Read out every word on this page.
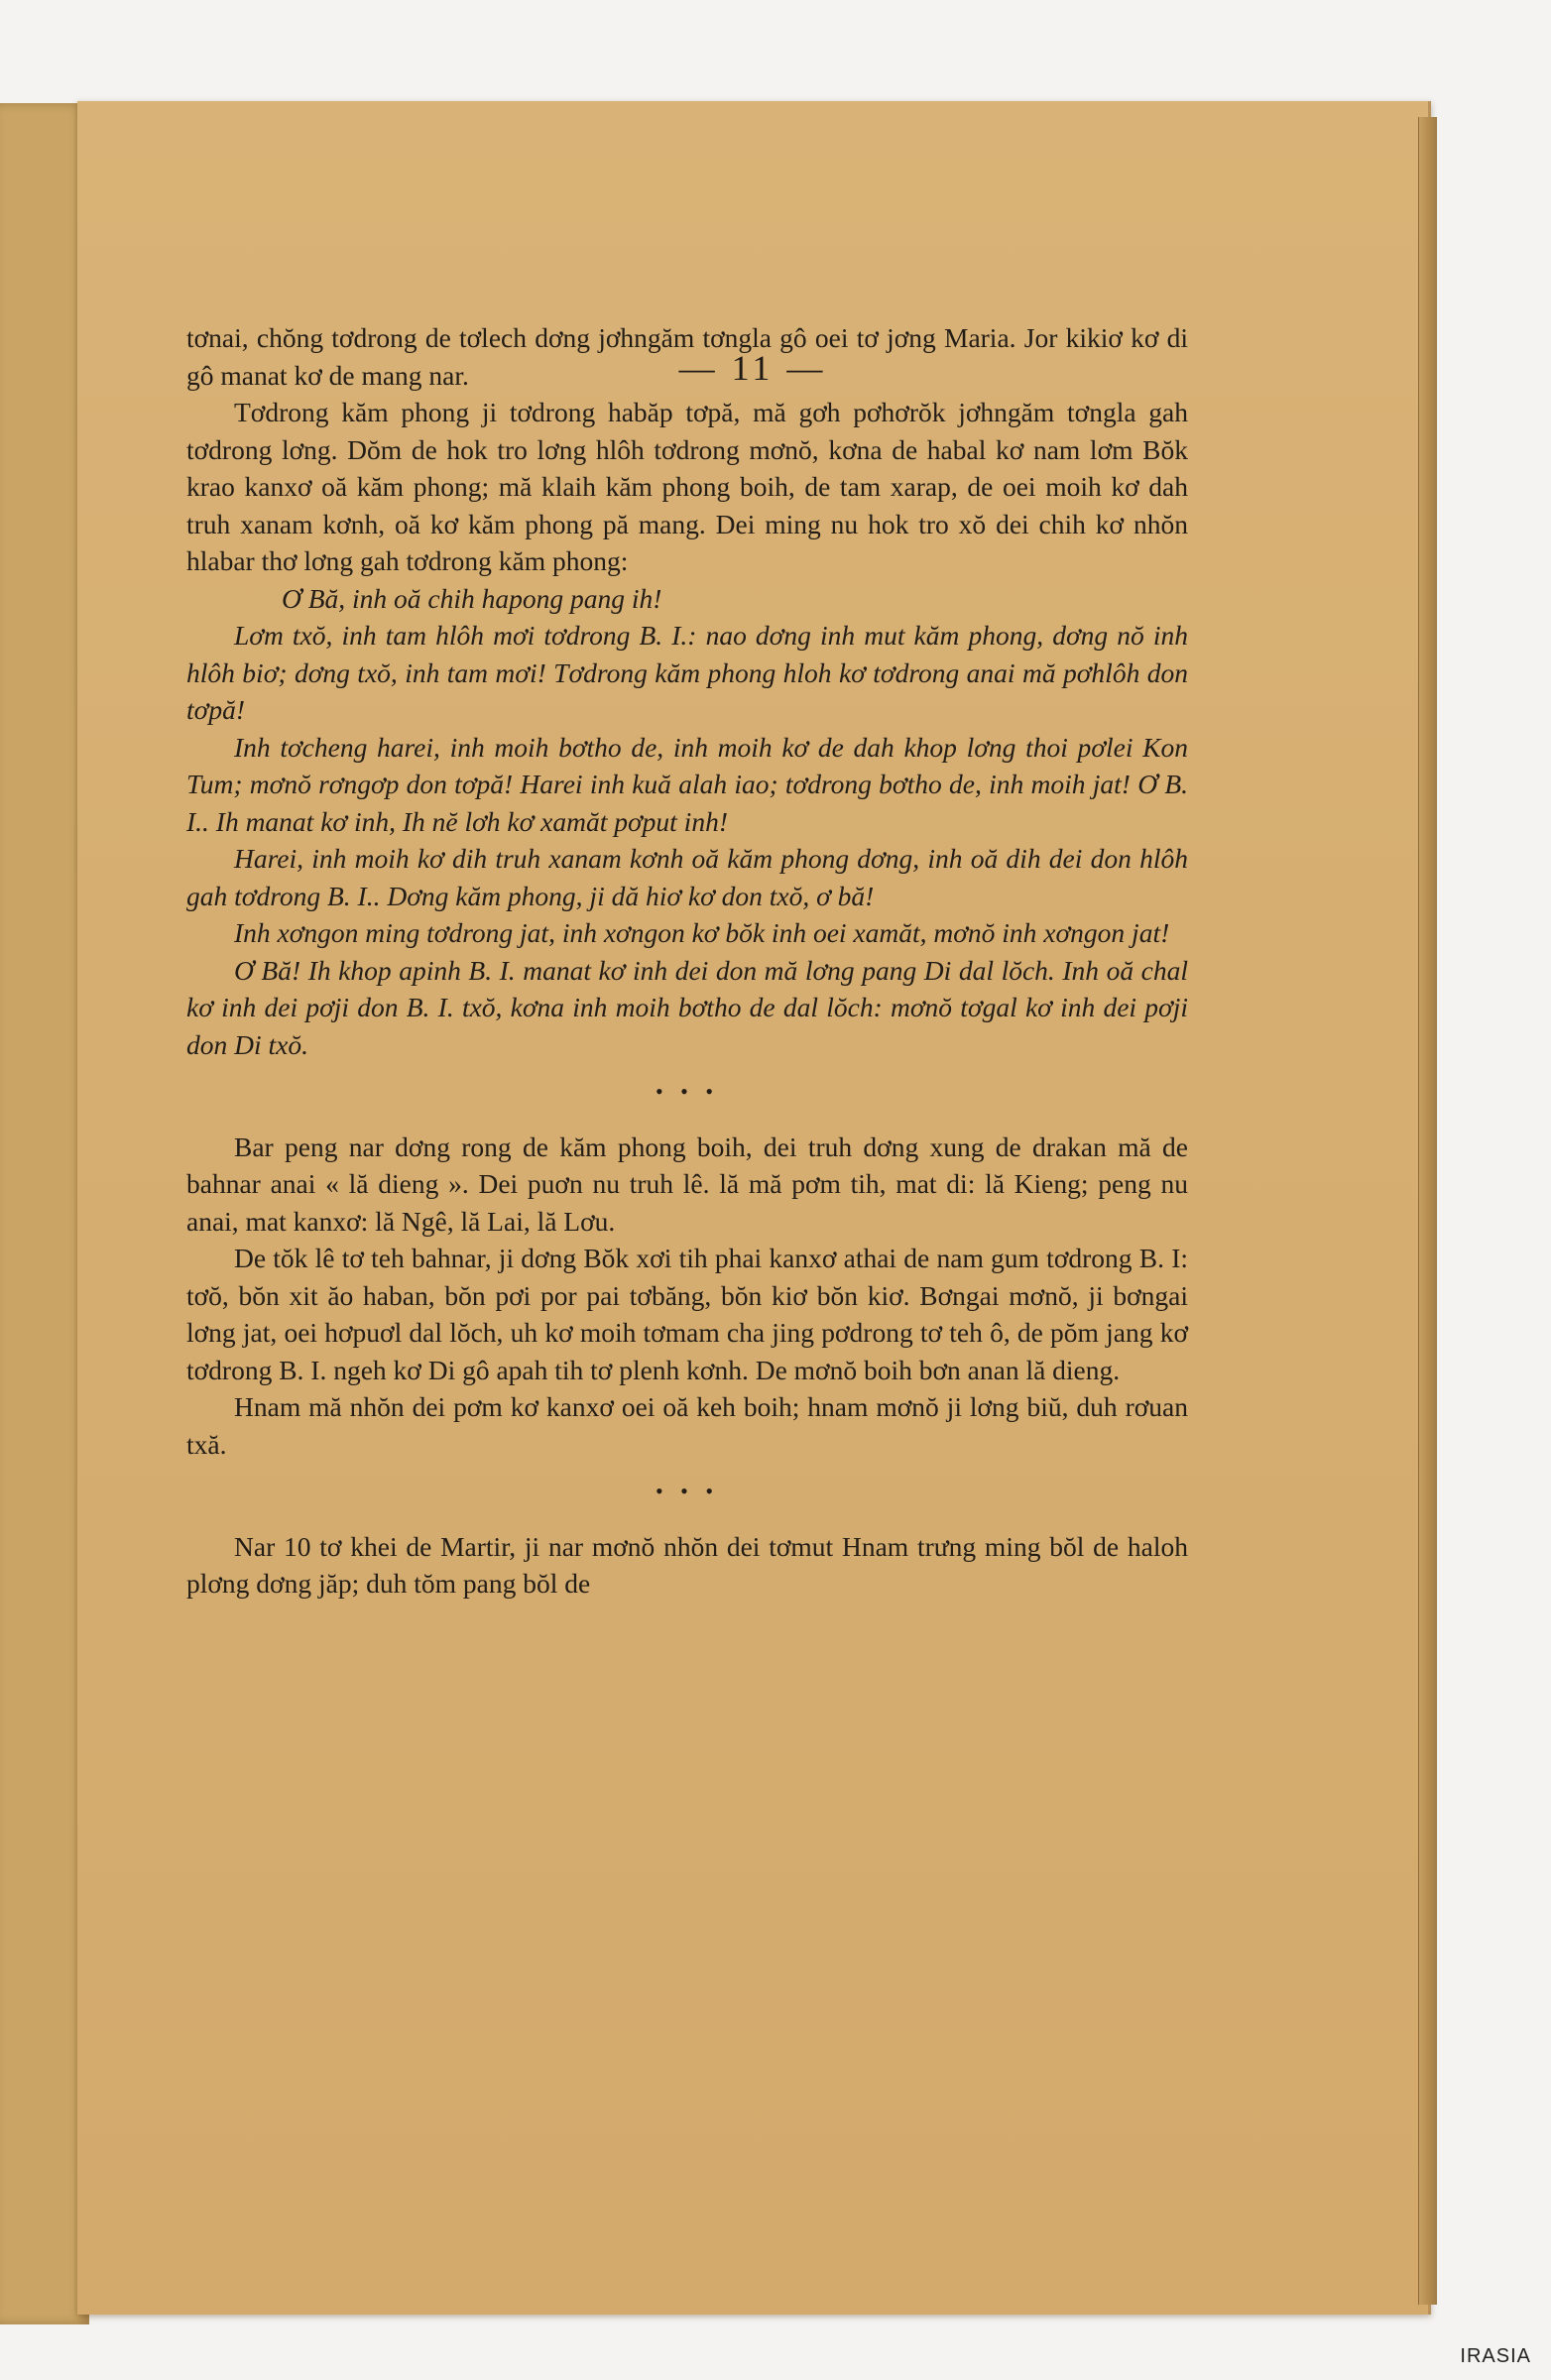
— 11 —

tơnai, chŏng tơdrong de tơlech dơng jơhngăm tơngla gô oei tơ jơng Maria. Jor kikiơ kơ di gô manat kơ de mang nar.

Tơdrong kăm phong ji tơdrong habăp tơpă, mă gơh pơhơrŏk jơhngăm tơngla gah tơdrong lơng. Dŏm de hok tro lơng hlôh tơdrong mơnŏ, kơna de habal kơ nam lơm Bŏk krao kanxơ oă kăm phong; mă klaih kăm phong boih, de tam xarap, de oei moih kơ dah truh xanam kơnh, oă kơ kăm phong pă mang. Dei ming nu hok tro xŏ dei chih kơ nhŏn hlabar thơ lơng gah tơdrong kăm phong:

Ơ Bă, inh oă chih hapong pang ih!

Lơm txŏ, inh tam hlôh mơi tơdrong B. I.: nao dơng inh mut kăm phong, dơng nŏ inh hlôh biơ; dơng txŏ, inh tam mơi! Tơdrong kăm phong hloh kơ tơdrong anai mă pơhlôh don tơpă!

Inh tơcheng harei, inh moih bơtho de, inh moih kơ de dah khop lơng thoi pơlei Kon Tum; mơnŏ rơngơp don tơpă! Harei inh kuă alah iao; tơdrong bơtho de, inh moih jat! Ơ B. I.. Ih manat kơ inh, Ih nĕ lơh kơ xamăt pơput inh!

Harei, inh moih kơ dih truh xanam kơnh oă kăm phong dơng, inh oă dih dei don hlôh gah tơdrong B. I.. Dơng kăm phong, ji dă hiơ kơ don txŏ, ơ bă!

Inh xơngon ming tơdrong jat, inh xơngon kơ bŏk inh oei xamăt, mơnŏ inh xơngon jat!

Ơ Bă! Ih khop apinh B. I. manat kơ inh dei don mă lơng pang Di dal lŏch. Inh oă chal kơ inh dei pơji don B. I. txŏ, kơna inh moih bơtho de dal lŏch: mơnŏ tơgal kơ inh dei pơji don Di txŏ.

• • •

Bar peng nar dơng rong de kăm phong boih, dei truh dơng xung de drakan mă de bahnar anai « lă dieng ». Dei puơn nu truh lê. lă mă pơm tih, mat di: lă Kieng; peng nu anai, mat kanxơ: lă Ngê, lă Lai, lă Lơu.

De tŏk lê tơ teh bahnar, ji dơng Bŏk xơi tih phai kanxơ athai de nam gum tơdrong B. I: tơŏ, bŏn xit ăo haban, bŏn pơi por pai tơbăng, bŏn kiơ bŏn kiơ. Bơngai mơnŏ, ji bơngai lơng jat, oei hơpuơl dal lŏch, uh kơ moih tơmam cha jing pơdrong tơ teh ô, de pŏm jang kơ tơdrong B. I. ngeh kơ Di gô apah tih tơ plenh kơnh. De mơnŏ boih bơn anan lă dieng.

Hnam mă nhŏn dei pơm kơ kanxơ oei oă keh boih; hnam mơnŏ ji lơng biŭ, duh rơuan txă.

• • •

Nar 10 tơ khei de Martir, ji nar mơnŏ nhŏn dei tơmut Hnam trưng ming bŏl de haloh plơng dơng jăp; duh tŏm pang bŏl de

IRASIA
